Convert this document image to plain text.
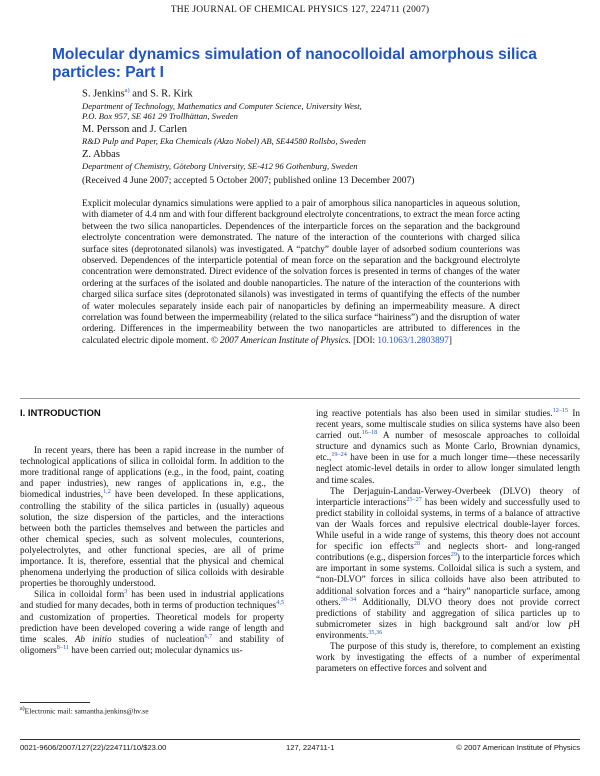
THE JOURNAL OF CHEMICAL PHYSICS 127, 224711 (2007)
Molecular dynamics simulation of nanocolloidal amorphous silica particles: Part I
S. Jenkins$^{a)}$ and S. R. Kirk
Department of Technology, Mathematics and Computer Science, University West,
P.O. Box 957, SE 461 29 Trollhättan, Sweden
M. Persson and J. Carlen
R&D Pulp and Paper, Eka Chemicals (Akzo Nobel) AB, SE44580 Rollsbo, Sweden
Z. Abbas
Department of Chemistry, Göteborg University, SE-412 96 Gothenburg, Sweden
(Received 4 June 2007; accepted 5 October 2007; published online 13 December 2007)

Explicit molecular dynamics simulations were applied to a pair of amorphous silica nanoparticles in aqueous solution, with diameter of 4.4 nm and with four different background electrolyte concentrations, to extract the mean force acting between the two silica nanoparticles. Dependences of the interparticle forces on the separation and the background electrolyte concentration were demonstrated. The nature of the interaction of the counterions with charged silica surface sites (deprotonated silanols) was investigated. A “patchy” double layer of adsorbed sodium counterions was observed. Dependences of the interparticle potential of mean force on the separation and the background electrolyte concentration were demonstrated. Direct evidence of the solvation forces is presented in terms of changes of the water ordering at the surfaces of the isolated and double nanoparticles. The nature of the interaction of the counterions with charged silica surface sites (deprotonated silanols) was investigated in terms of quantifying the effects of the number of water molecules separately inside each pair of nanoparticles by defining an impermeability measure. A direct correlation was found between the impermeability (related to the silica surface “hairiness”) and the disruption of water ordering. Differences in the impermeability between the two nanoparticles are attributed to differences in the calculated electric dipole moment. © 2007 American Institute of Physics. [DOI: 10.1063/1.2803897]

I. INTRODUCTION

In recent years, there has been a rapid increase in the number of technological applications of silica in colloidal form. In addition to the more traditional range of applications (e.g., in the food, paint, coating and paper industries), new ranges of applications in, e.g., the biomedical industries,$^{1,2}$ have been developed. In these applications, controlling the stability of the silica particles in (usually) aqueous solution, the size dispersion of the particles, and the interactions between both the particles themselves and between the particles and other chemical species, such as solvent molecules, counterions, polyelectrolytes, and other functional species, are all of prime importance. It is, therefore, essential that the physical and chemical phenomena underlying the production of silica colloids with desirable properties be thoroughly understood.

Silica in colloidal form$^3$ has been used in industrial applications and studied for many decades, both in terms of production techniques$^{4,5}$ and customization of properties. Theoretical models for property prediction have been developed covering a wide range of length and time scales. Ab initio studies of nucleation$^{6,7}$ and stability of oligomers$^{8-11}$ have been carried out; molecular dynamics us-

ing reactive potentials has also been used in similar studies.$^{12-15}$ In recent years, some multiscale studies on silica systems have also been carried out.$^{16-18}$ A number of mesoscale approaches to colloidal structure and dynamics such as Monte Carlo, Brownian dynamics, etc.,$^{19-24}$ have been in use for a much longer time—these necessarily neglect atomic-level details in order to allow longer simulated length and time scales.

The Derjaguin-Landau-Verwey-Overbeek (DLVO) theory of interparticle interactions$^{25-27}$ has been widely and successfully used to predict stability in colloidal systems, in terms of a balance of attractive van der Waals forces and repulsive electrical double-layer forces. While useful in a wide range of systems, this theory does not account for specific ion effects$^{28}$ and neglects short- and long-ranged contributions (e.g., dispersion forces$^{29}$) to the interparticle forces which are important in some systems. Colloidal silica is such a system, and “non-DLVO” forces in silica colloids have also been attributed to additional solvation forces and a “hairy” nanoparticle surface, among others.$^{30-34}$ Additionally, DLVO theory does not provide correct predictions of stability and aggregation of silica particles up to submicrometer sizes in high background salt and/or low pH environments.$^{35,36}$

The purpose of this study is, therefore, to complement an existing work by investigating the effects of a number of experimental parameters on effective forces and solvent and

$^{a)}$Electronic mail: samantha.jenkins@hv.se
0021-9606/2007/127(22)/224711/10/$23.00	127, 224711-1	© 2007 American Institute of Physics
